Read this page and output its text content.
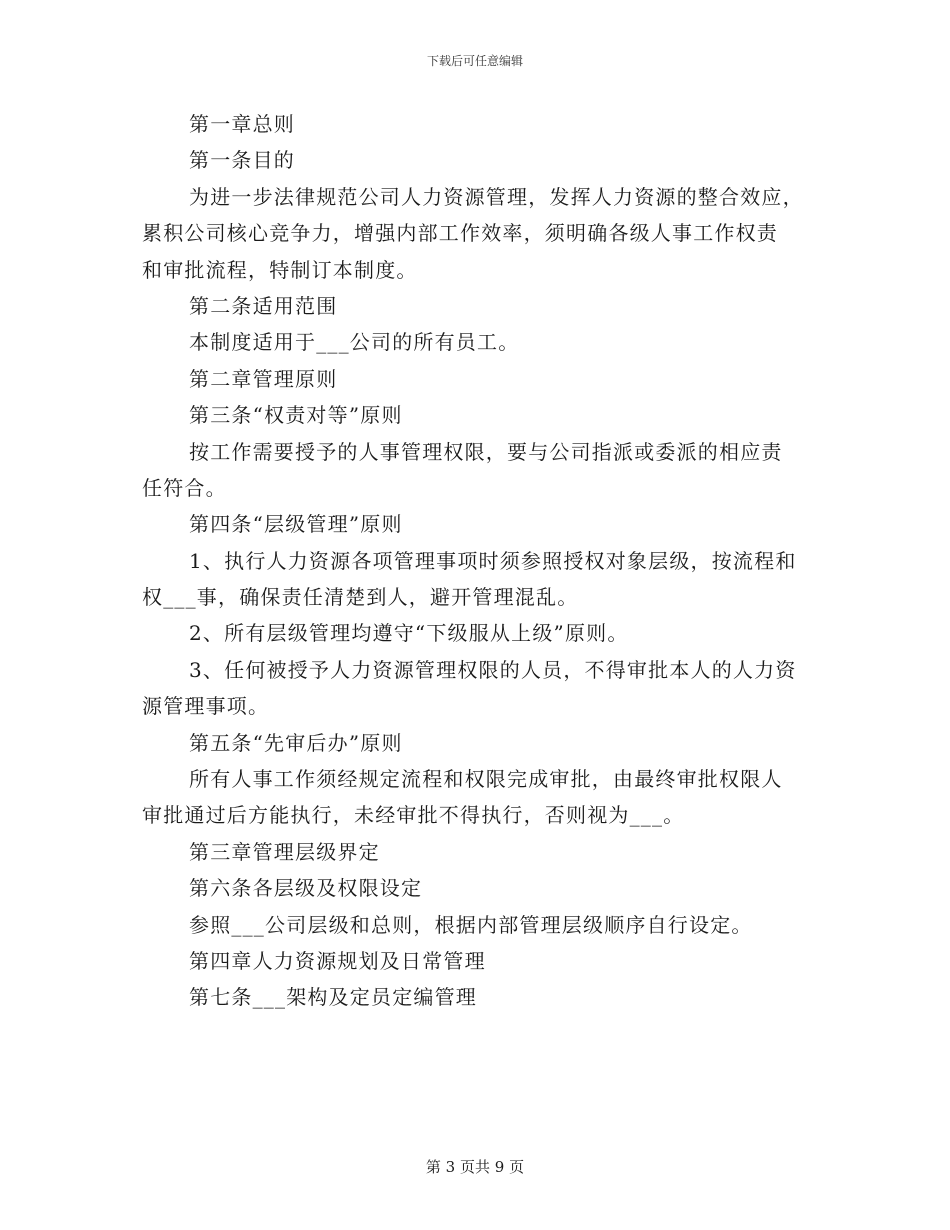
下载后可任意编辑
第一章总则
第一条目的
为进一步法律规范公司人力资源管理，发挥人力资源的整合效应，
累积公司核心竞争力，增强内部工作效率，须明确各级人事工作权责
和审批流程，特制订本制度。
第二条适用范围
本制度适用于___公司的所有员工。
第二章管理原则
第三条“权责对等”原则
按工作需要授予的人事管理权限，要与公司指派或委派的相应责
任符合。
第四条“层级管理”原则
1、执行人力资源各项管理事项时须参照授权对象层级，按流程和
权___事，确保责任清楚到人，避开管理混乱。
2、所有层级管理均遵守“下级服从上级”原则。
3、任何被授予人力资源管理权限的人员，不得审批本人的人力资
源管理事项。
第五条“先审后办”原则
所有人事工作须经规定流程和权限完成审批，由最终审批权限人
审批通过后方能执行，未经审批不得执行，否则视为___。
第三章管理层级界定
第六条各层级及权限设定
参照___公司层级和总则，根据内部管理层级顺序自行设定。
第四章人力资源规划及日常管理
第七条___架构及定员定编管理
第 3 页共 9 页
